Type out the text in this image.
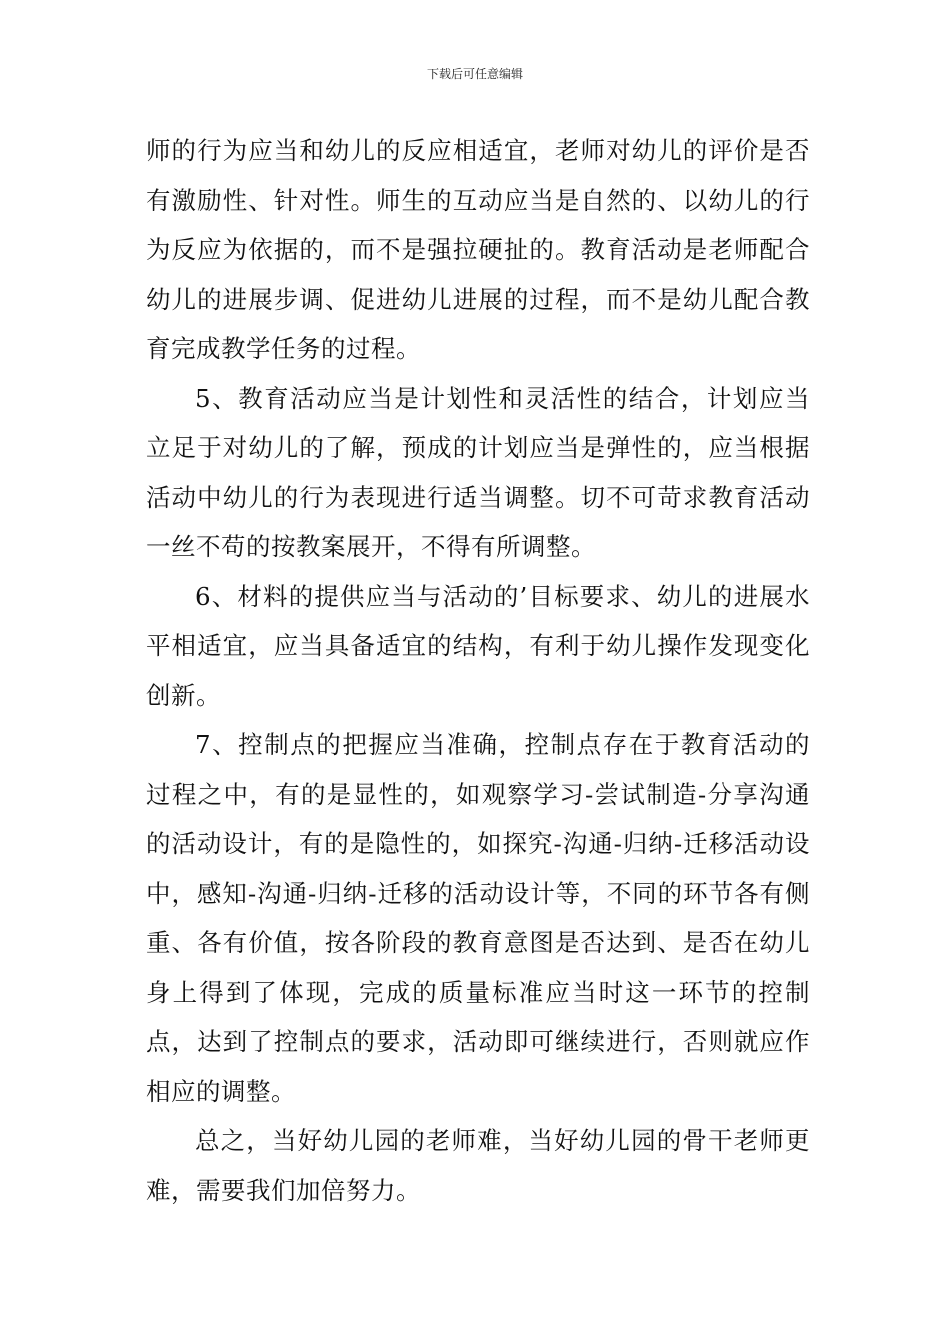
下载后可任意编辑

师的行为应当和幼儿的反应相适宜，老师对幼儿的评价是否有激励性、针对性。师生的互动应当是自然的、以幼儿的行为反应为依据的，而不是强拉硬扯的。教育活动是老师配合幼儿的进展步调、促进幼儿进展的过程，而不是幼儿配合教育完成教学任务的过程。

5、教育活动应当是计划性和灵活性的结合，计划应当立足于对幼儿的了解，预成的计划应当是弹性的，应当根据活动中幼儿的行为表现进行适当调整。切不可苛求教育活动一丝不苟的按教案展开，不得有所调整。

6、材料的提供应当与活动的’目标要求、幼儿的进展水平相适宜，应当具备适宜的结构，有利于幼儿操作发现变化创新。

7、控制点的把握应当准确，控制点存在于教育活动的过程之中，有的是显性的，如观察学习-尝试制造-分享沟通的活动设计，有的是隐性的，如探究-沟通-归纳-迁移活动设中，感知-沟通-归纳-迁移的活动设计等，不同的环节各有侧重、各有价值，按各阶段的教育意图是否达到、是否在幼儿身上得到了体现，完成的质量标准应当时这一环节的控制点，达到了控制点的要求，活动即可继续进行，否则就应作相应的调整。

总之，当好幼儿园的老师难，当好幼儿园的骨干老师更难，需要我们加倍努力。
